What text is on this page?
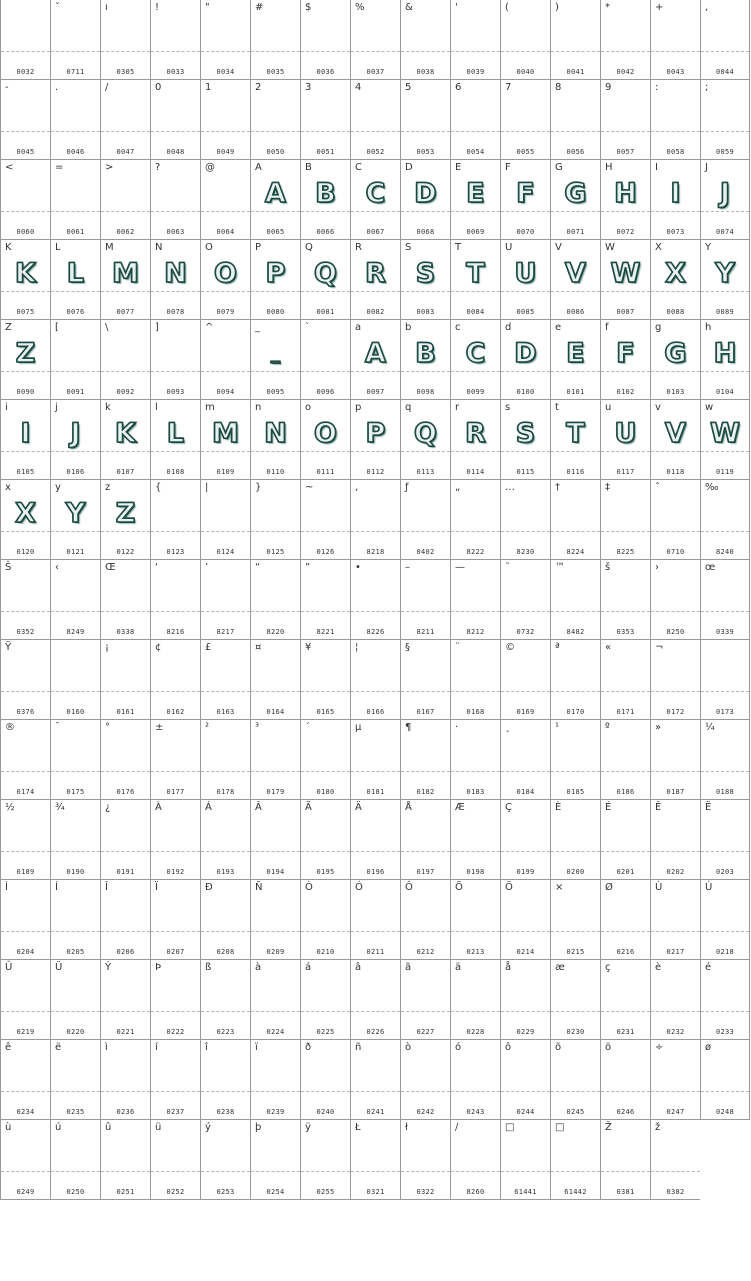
0032
ˇ
0711
ı
0305
!
0033
"
0034
#
0035
$
0036
%
0037
&
0038
'
0039
(
0040
)
0041
*
0042
+
0043
,
0044
-
0045
.
0046
/
0047
0
0048
1
0049
2
0050
3
0051
4
0052
5
0053
6
0054
7
0055
8
0056
9
0057
:
0058
;
0059
<
0060
=
0061
>
0062
?
0063
@
0064
A
A
0065
B
B
0066
C
C
0067
D
D
0068
E
E
0069
F
F
0070
G
G
0071
H
H
0072
I
I
0073
J
J
0074
K
K
0075
L
L
0076
M
M
0077
N
N
0078
O
O
0079
P
P
0080
Q
Q
0081
R
R
0082
S
S
0083
T
T
0084
U
U
0085
V
V
0086
W
W
0087
X
X
0088
Y
Y
0089
Z
Z
0090
[
0091
\
0092
]
0093
^
0094
_
_
0095
`
0096
a
A
0097
b
B
0098
c
C
0099
d
D
0100
e
E
0101
f
F
0102
g
G
0103
h
H
0104
i
I
0105
j
J
0106
k
K
0107
l
L
0108
m
M
0109
n
N
0110
o
O
0111
p
P
0112
q
Q
0113
r
R
0114
s
S
0115
t
T
0116
u
U
0117
v
V
0118
w
W
0119
x
X
0120
y
Y
0121
z
Z
0122
{
0123
|
0124
}
0125
~
0126
‚
8218
ƒ
0402
„
8222
…
8230
†
8224
‡
8225
ˆ
0710
‰
8240
Š
0352
‹
8249
Œ
0338
‘
8216
’
8217
“
8220
”
8221
•
8226
–
8211
—
8212
˜
0732
™
8482
š
0353
›
8250
œ
0339
Ÿ
0376	0160
¡
0161
¢
0162
£
0163
¤
0164
¥
0165
¦
0166
§
0167
¨
0168
©
0169
ª
0170
«
0171
¬
0172	0173
®
0174
¯
0175
°
0176
±
0177
²
0178
³
0179
´
0180
µ
0181
¶
0182
·
0183
¸
0184
¹
0185
º
0186
»
0187
¼
0188
½
0189
¾
0190
¿
0191
À
0192
Á
0193
Â
0194
Ã
0195
Ä
0196
Å
0197
Æ
0198
Ç
0199
È
0200
É
0201
Ê
0202
Ë
0203
Ì
0204
Í
0205
Î
0206
Ï
0207
Ð
0208
Ñ
0209
Ò
0210
Ó
0211
Ô
0212
Õ
0213
Ö
0214
×
0215
Ø
0216
Ù
0217
Ú
0218
Û
0219
Ü
0220
Ý
0221
Þ
0222
ß
0223
à
0224
á
0225
â
0226
ã
0227
ä
0228
å
0229
æ
0230
ç
0231
è
0232
é
0233
ê
0234
ë
0235
ì
0236
í
0237
î
0238
ï
0239
ð
0240
ñ
0241
ò
0242
ó
0243
ô
0244
õ
0245
ö
0246
÷
0247
ø
0248
ù
0249
ú
0250
û
0251
ü
0252
ý
0253
þ
0254
ÿ
0255
Ł
0321
ł
0322
∕
8260
□
61441
□
61442
Ž
0381
ž
0382
